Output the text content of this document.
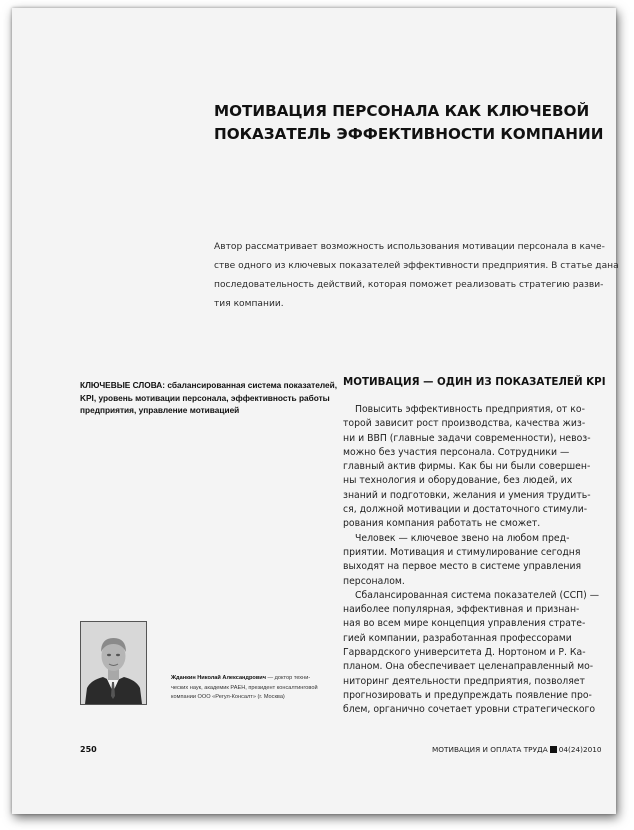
МОТИВАЦИЯ ПЕРСОНАЛА КАК КЛЮЧЕВОЙ
ПОКАЗАТЕЛЬ ЭФФЕКТИВНОСТИ КОМПАНИИ
Автор рассматривает возможность использования мотивации персонала в каче-
стве одного из ключевых показателей эффективности предприятия. В статье дана
последовательность действий, которая поможет реализовать стратегию разви-
тия компании.
КЛЮЧЕВЫЕ СЛОВА: сбалансированная система показателей,
KPI, уровень мотивации персонала, эффективность работы
предприятия, управление мотивацией
МОТИВАЦИЯ — ОДИН ИЗ ПОКАЗАТЕЛЕЙ KPI
Повысить эффективность предприятия, от ко-
торой зависит рост производства, качества жиз-
ни и ВВП (главные задачи современности), невоз-
можно без участия персонала. Сотрудники —
главный актив фирмы. Как бы ни были совершен-
ны технология и оборудование, без людей, их
знаний и подготовки, желания и умения трудить-
ся, должной мотивации и достаточного стимули-
рования компания работать не сможет.
Человек — ключевое звено на любом пред-
приятии. Мотивация и стимулирование сегодня
выходят на первое место в системе управления
персоналом.
Сбалансированная система показателей (ССП) —
наиболее популярная, эффективная и признан-
ная во всем мире концепция управления страте-
гией компании, разработанная профессорами
Гарвардского университета Д. Нортоном и Р. Ка-
планом. Она обеспечивает целенаправленный мо-
ниторинг деятельности предприятия, позволяет
прогнозировать и предупреждать появление про-
блем, органично сочетает уровни стратегического
Жданкин Николай Александрович — доктор техни-
ческих наук, академик РАЕН, президент консалтинговой
компании ООО «Регул-Консалт» (г. Москва)
250	МОТИВАЦИЯ И ОПЛАТА ТРУДА 04(24)2010
